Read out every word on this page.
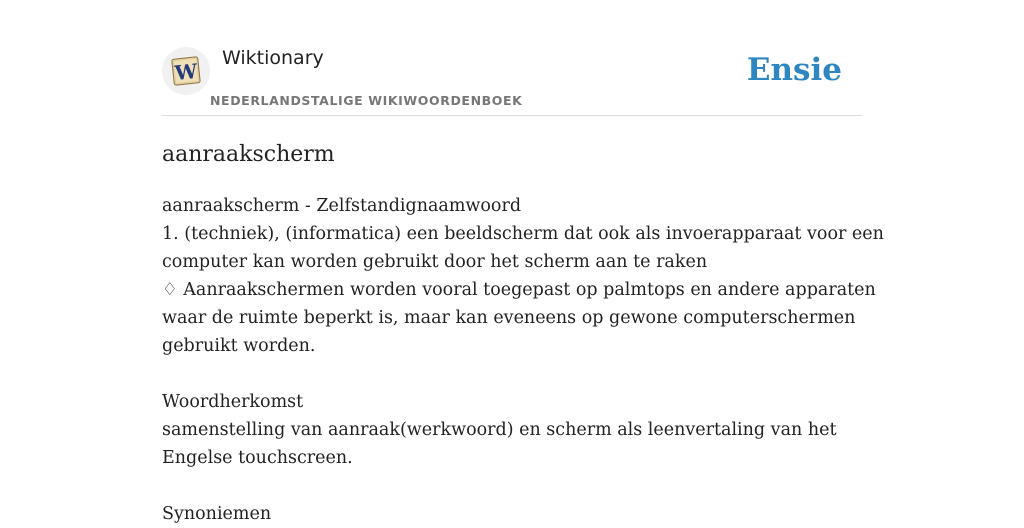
W
Wiktionary
NEDERLANDSTALIGE WIKIWOORDENBOEK
Ensie
aanraakscherm
aanraakscherm - Zelfstandignaamwoord
1. (techniek), (informatica) een beeldscherm dat ook als invoerapparaat voor een
computer kan worden gebruikt door het scherm aan te raken
♢ Aanraakschermen worden vooral toegepast op palmtops en andere apparaten
waar de ruimte beperkt is, maar kan eveneens op gewone computerschermen
gebruikt worden.
Woordherkomst
samenstelling van aanraak(werkwoord) en scherm als leenvertaling van het
Engelse touchscreen.
Synoniemen
